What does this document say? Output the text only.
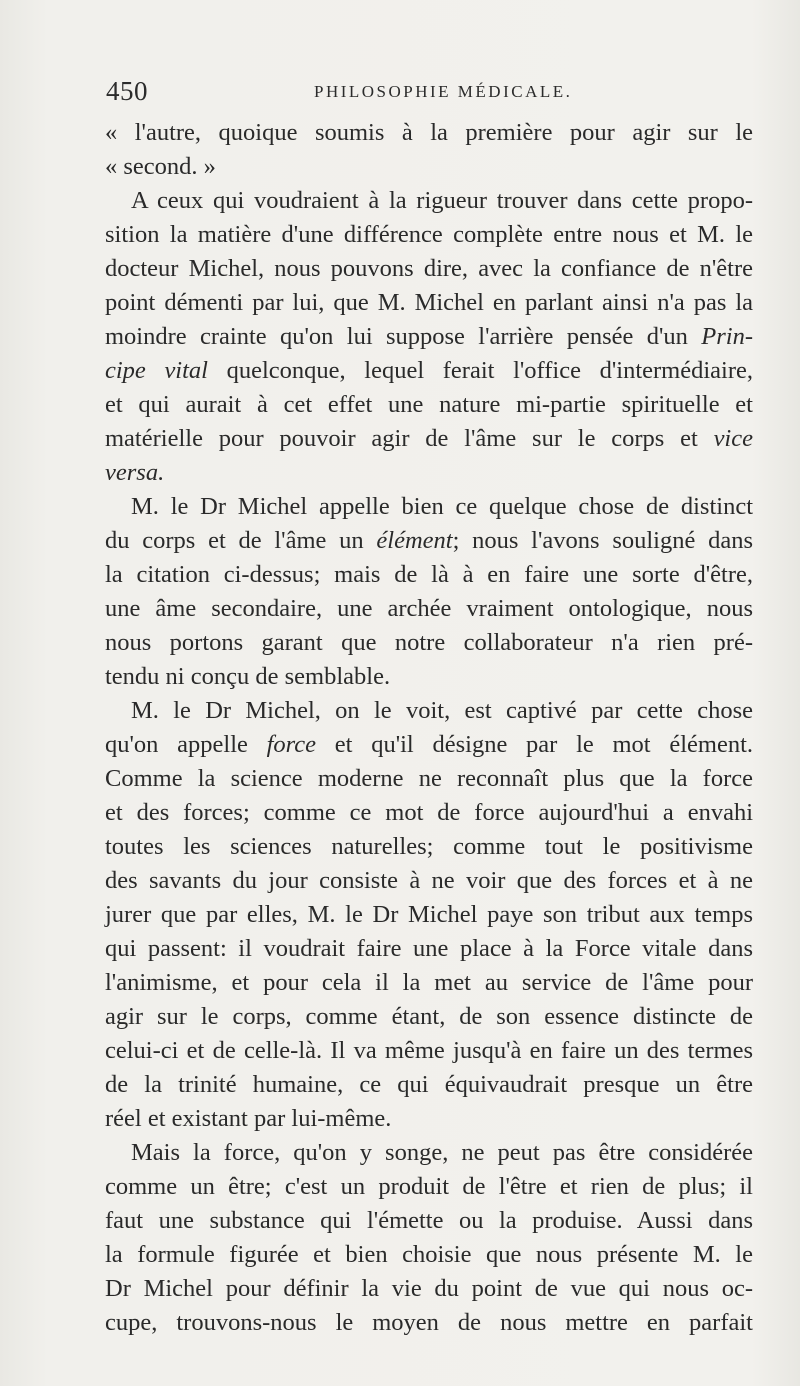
450	PHILOSOPHIE MÉDICALE.
« l'autre, quoique soumis à la première pour agir sur le
« second. »
A ceux qui voudraient à la rigueur trouver dans cette propo-
sition la matière d'une différence complète entre nous et M. le
docteur Michel, nous pouvons dire, avec la confiance de n'être
point démenti par lui, que M. Michel en parlant ainsi n'a pas la
moindre crainte qu'on lui suppose l'arrière pensée d'un Prin-
cipe vital quelconque, lequel ferait l'office d'intermédiaire,
et qui aurait à cet effet une nature mi-partie spirituelle et
matérielle pour pouvoir agir de l'âme sur le corps et vice
versa.
M. le Dr Michel appelle bien ce quelque chose de distinct
du corps et de l'âme un élément; nous l'avons souligné dans
la citation ci-dessus; mais de là à en faire une sorte d'être,
une âme secondaire, une archée vraiment ontologique, nous
nous portons garant que notre collaborateur n'a rien pré-
tendu ni conçu de semblable.
M. le Dr Michel, on le voit, est captivé par cette chose
qu'on appelle force et qu'il désigne par le mot élément.
Comme la science moderne ne reconnaît plus que la force
et des forces; comme ce mot de force aujourd'hui a envahi
toutes les sciences naturelles; comme tout le positivisme
des savants du jour consiste à ne voir que des forces et à ne
jurer que par elles, M. le Dr Michel paye son tribut aux temps
qui passent: il voudrait faire une place à la Force vitale dans
l'animisme, et pour cela il la met au service de l'âme pour
agir sur le corps, comme étant, de son essence distincte de
celui-ci et de celle-là. Il va même jusqu'à en faire un des termes
de la trinité humaine, ce qui équivaudrait presque un être
réel et existant par lui-même.
Mais la force, qu'on y songe, ne peut pas être considérée
comme un être; c'est un produit de l'être et rien de plus; il
faut une substance qui l'émette ou la produise. Aussi dans
la formule figurée et bien choisie que nous présente M. le
Dr Michel pour définir la vie du point de vue qui nous oc-
cupe, trouvons-nous le moyen de nous mettre en parfait
